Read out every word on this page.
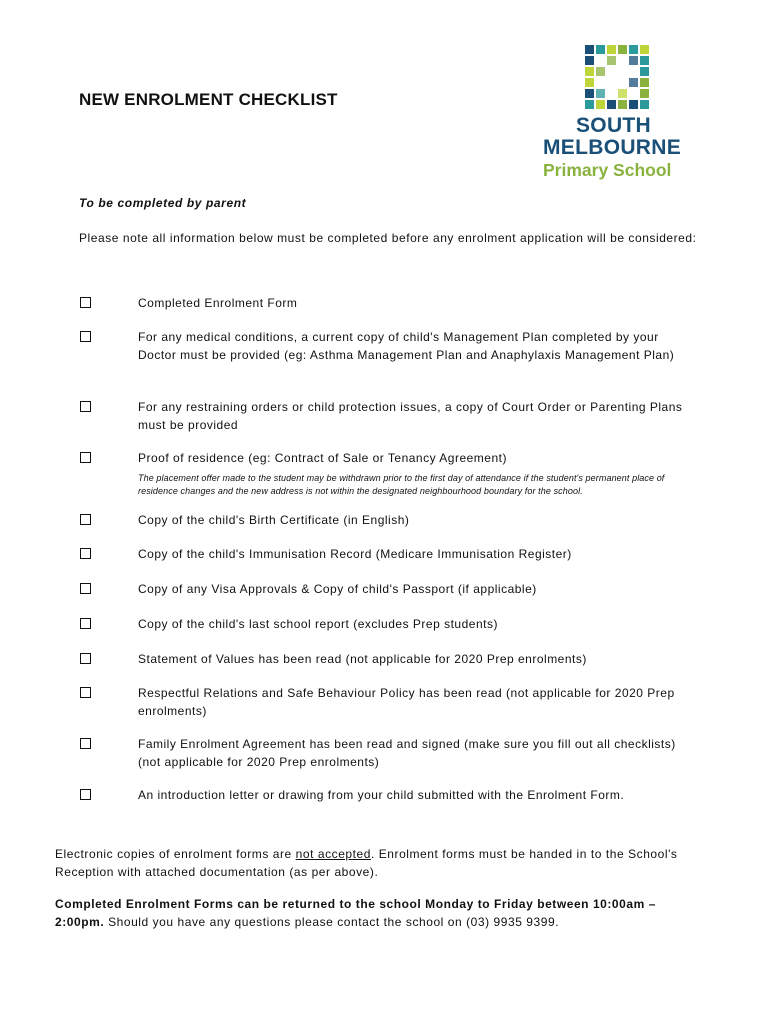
NEW ENROLMENT CHECKLIST
SOUTH
MELBOURNE
Primary School

To be completed by parent

Please note all information below must be completed before any enrolment application will be considered:

Completed Enrolment Form
For any medical conditions, a current copy of child's Management Plan completed by your Doctor must be provided (eg: Asthma Management Plan and Anaphylaxis Management Plan)
For any restraining orders or child protection issues, a copy of Court Order or Parenting Plans must be provided
Proof of residence (eg: Contract of Sale or Tenancy Agreement)
The placement offer made to the student may be withdrawn prior to the first day of attendance if the student's permanent place of residence changes and the new address is not within the designated neighbourhood boundary for the school.
Copy of the child's Birth Certificate (in English)
Copy of the child's Immunisation Record (Medicare Immunisation Register)
Copy of any Visa Approvals & Copy of child's Passport (if applicable)
Copy of the child's last school report (excludes Prep students)
Statement of Values has been read (not applicable for 2020 Prep enrolments)
Respectful Relations and Safe Behaviour Policy has been read (not applicable for 2020 Prep enrolments)
Family Enrolment Agreement has been read and signed (make sure you fill out all checklists) (not applicable for 2020 Prep enrolments)
An introduction letter or drawing from your child submitted with the Enrolment Form.

Electronic copies of enrolment forms are not accepted. Enrolment forms must be handed in to the School's Reception with attached documentation (as per above).

Completed Enrolment Forms can be returned to the school Monday to Friday between 10:00am – 2:00pm. Should you have any questions please contact the school on (03) 9935 9399.
